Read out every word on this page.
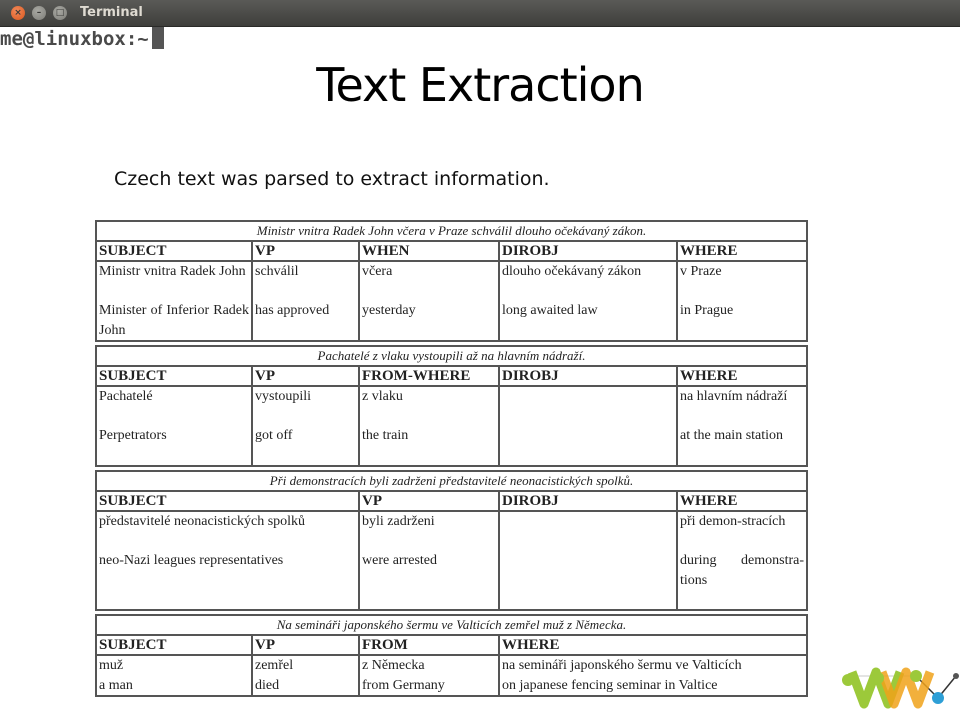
×	–	□ Terminal
me@linuxbox:~
Text Extraction
Czech text was parsed to extract information.
Ministr vnitra Radek John včera v Praze schválil dlouho očekávaný zákon.
SUBJECT	VP	WHEN	DIROBJ	WHERE
Ministr vnitra Radek John	schválil	včera	dlouho očekávaný zákon	v Praze
Minister of Inferior Radek John	has approved	yesterday	long awaited law	in Prague
Pachatelé z vlaku vystoupili až na hlavním nádraží.
SUBJECT	VP	FROM-WHERE	DIROBJ	WHERE
Pachatelé	vystoupili	z vlaku		na hlavním nádraží
Perpetrators	got off	the train		at the main station
Při demonstracích byli zadrženi představitelé neonacistických spolků.
SUBJECT	VP	DIROBJ	WHERE
představitelé neonacistických spolků	byli zadrženi		při demon-stracích
neo-Nazi leagues representatives	were arrested		during demonstra-tions
Na semináři japonského šermu ve Valticích zemřel muž z Německa.
SUBJECT	VP	FROM	WHERE
muž	zemřel	z Německa	na semináři japonského šermu ve Valticích
a man	died	from Germany	on japanese fencing seminar in Valtice
